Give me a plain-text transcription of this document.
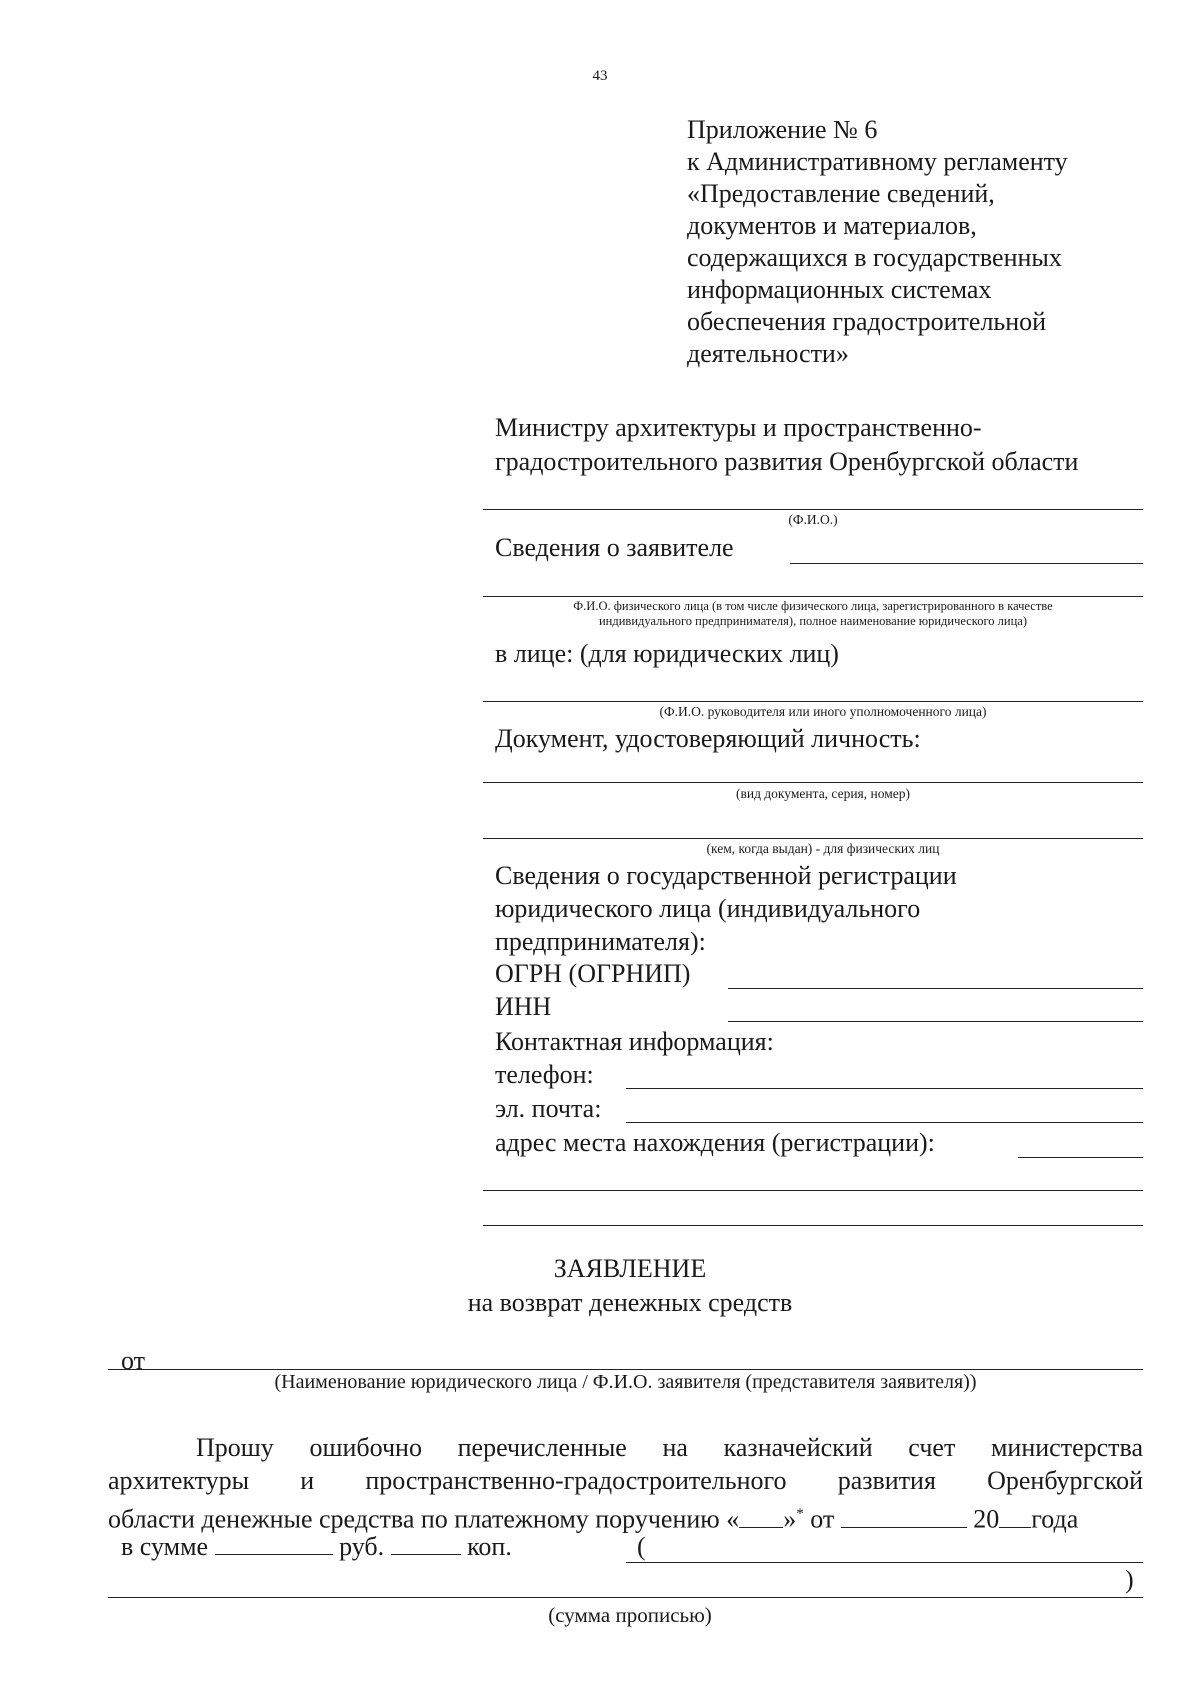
43
Приложение № 6
к Административному регламенту
«Предоставление сведений,
документов и материалов,
содержащихся в государственных
информационных системах
обеспечения градостроительной
деятельности»
Министру архитектуры и пространственно-
градостроительного развития Оренбургской области
(Ф.И.О.)
Сведения о заявителе
Ф.И.О. физического лица (в том числе физического лица, зарегистрированного в качестве
индивидуального предпринимателя), полное наименование юридического лица)
в лице: (для юридических лиц)
(Ф.И.О. руководителя или иного уполномоченного лица)
Документ, удостоверяющий личность:
(вид документа, серия, номер)
(кем, когда выдан) - для физических лиц
Сведения о государственной регистрации
юридического лица (индивидуального
предпринимателя):
ОГРН (ОГРНИП)
ИНН
Контактная информация:
телефон:
эл. почта:
адрес места нахождения (регистрации):
ЗАЯВЛЕНИЕ
на возврат денежных средств
от
(Наименование юридического лица / Ф.И.О. заявителя (представителя заявителя))
Прошу ошибочно перечисленные на казначейский счет министерства
архитектуры и пространственно-градостроительного развития Оренбургской
области денежные средства по платежному поручению « »* от	20 года
в сумме	руб.	коп.	(
)
(сумма прописью)
